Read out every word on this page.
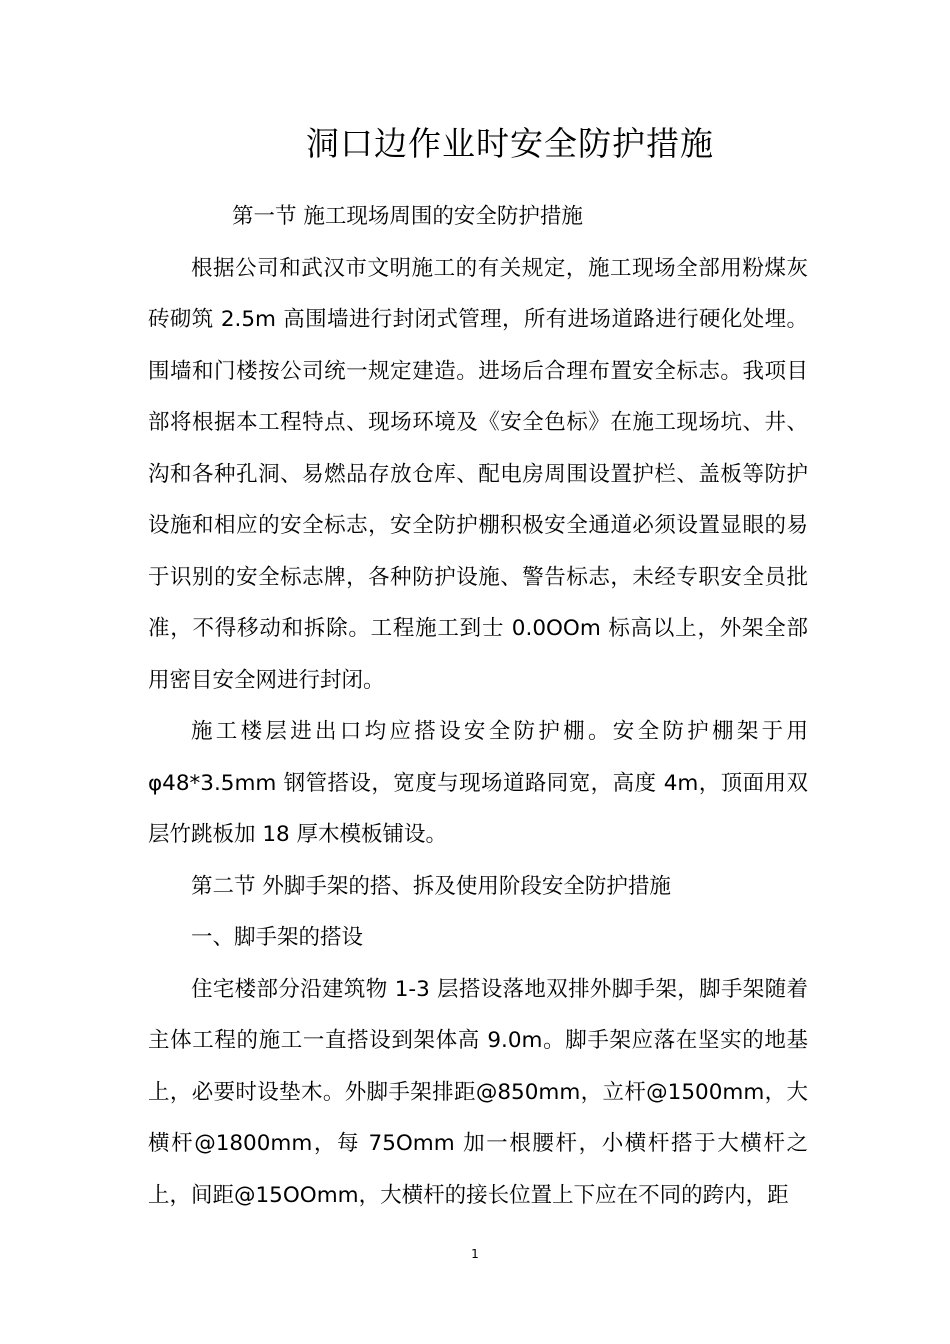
洞口边作业时安全防护措施

第一节 施工现场周围的安全防护措施

根据公司和武汉市文明施工的有关规定，施工现场全部用粉煤灰砖砌筑 2.5m 高围墙进行封闭式管理，所有进场道路进行硬化处埋。围墙和门楼按公司统一规定建造。进场后合理布置安全标志。我项目部将根据本工程特点、现场环境及《安全色标》在施工现场坑、井、沟和各种孔洞、易燃品存放仓库、配电房周围设置护栏、盖板等防护设施和相应的安全标志，安全防护棚积极安全通道必须设置显眼的易于识别的安全标志牌，各种防护设施、警告标志，未经专职安全员批准，不得移动和拆除。工程施工到士 0.0OOm 标高以上，外架全部用密目安全网进行封闭。

施工楼层进出口均应搭设安全防护棚。安全防护棚架于用 φ48*3.5mm 钢管搭设，宽度与现场道路同宽，高度 4m，顶面用双层竹跳板加 18 厚木模板铺设。

第二节 外脚手架的搭、拆及使用阶段安全防护措施

一、脚手架的搭设

住宅楼部分沿建筑物 1-3 层搭设落地双排外脚手架，脚手架随着主体工程的施工一直搭设到架体高 9.0m。脚手架应落在坚实的地基上，必要时设垫木。外脚手架排距@850mm，立杆@1500mm，大横杆@1800mm，每 75Omm 加一根腰杆，小横杆搭于大横杆之上，间距@15OOmm，大横杆的接长位置上下应在不同的跨内，距

1
